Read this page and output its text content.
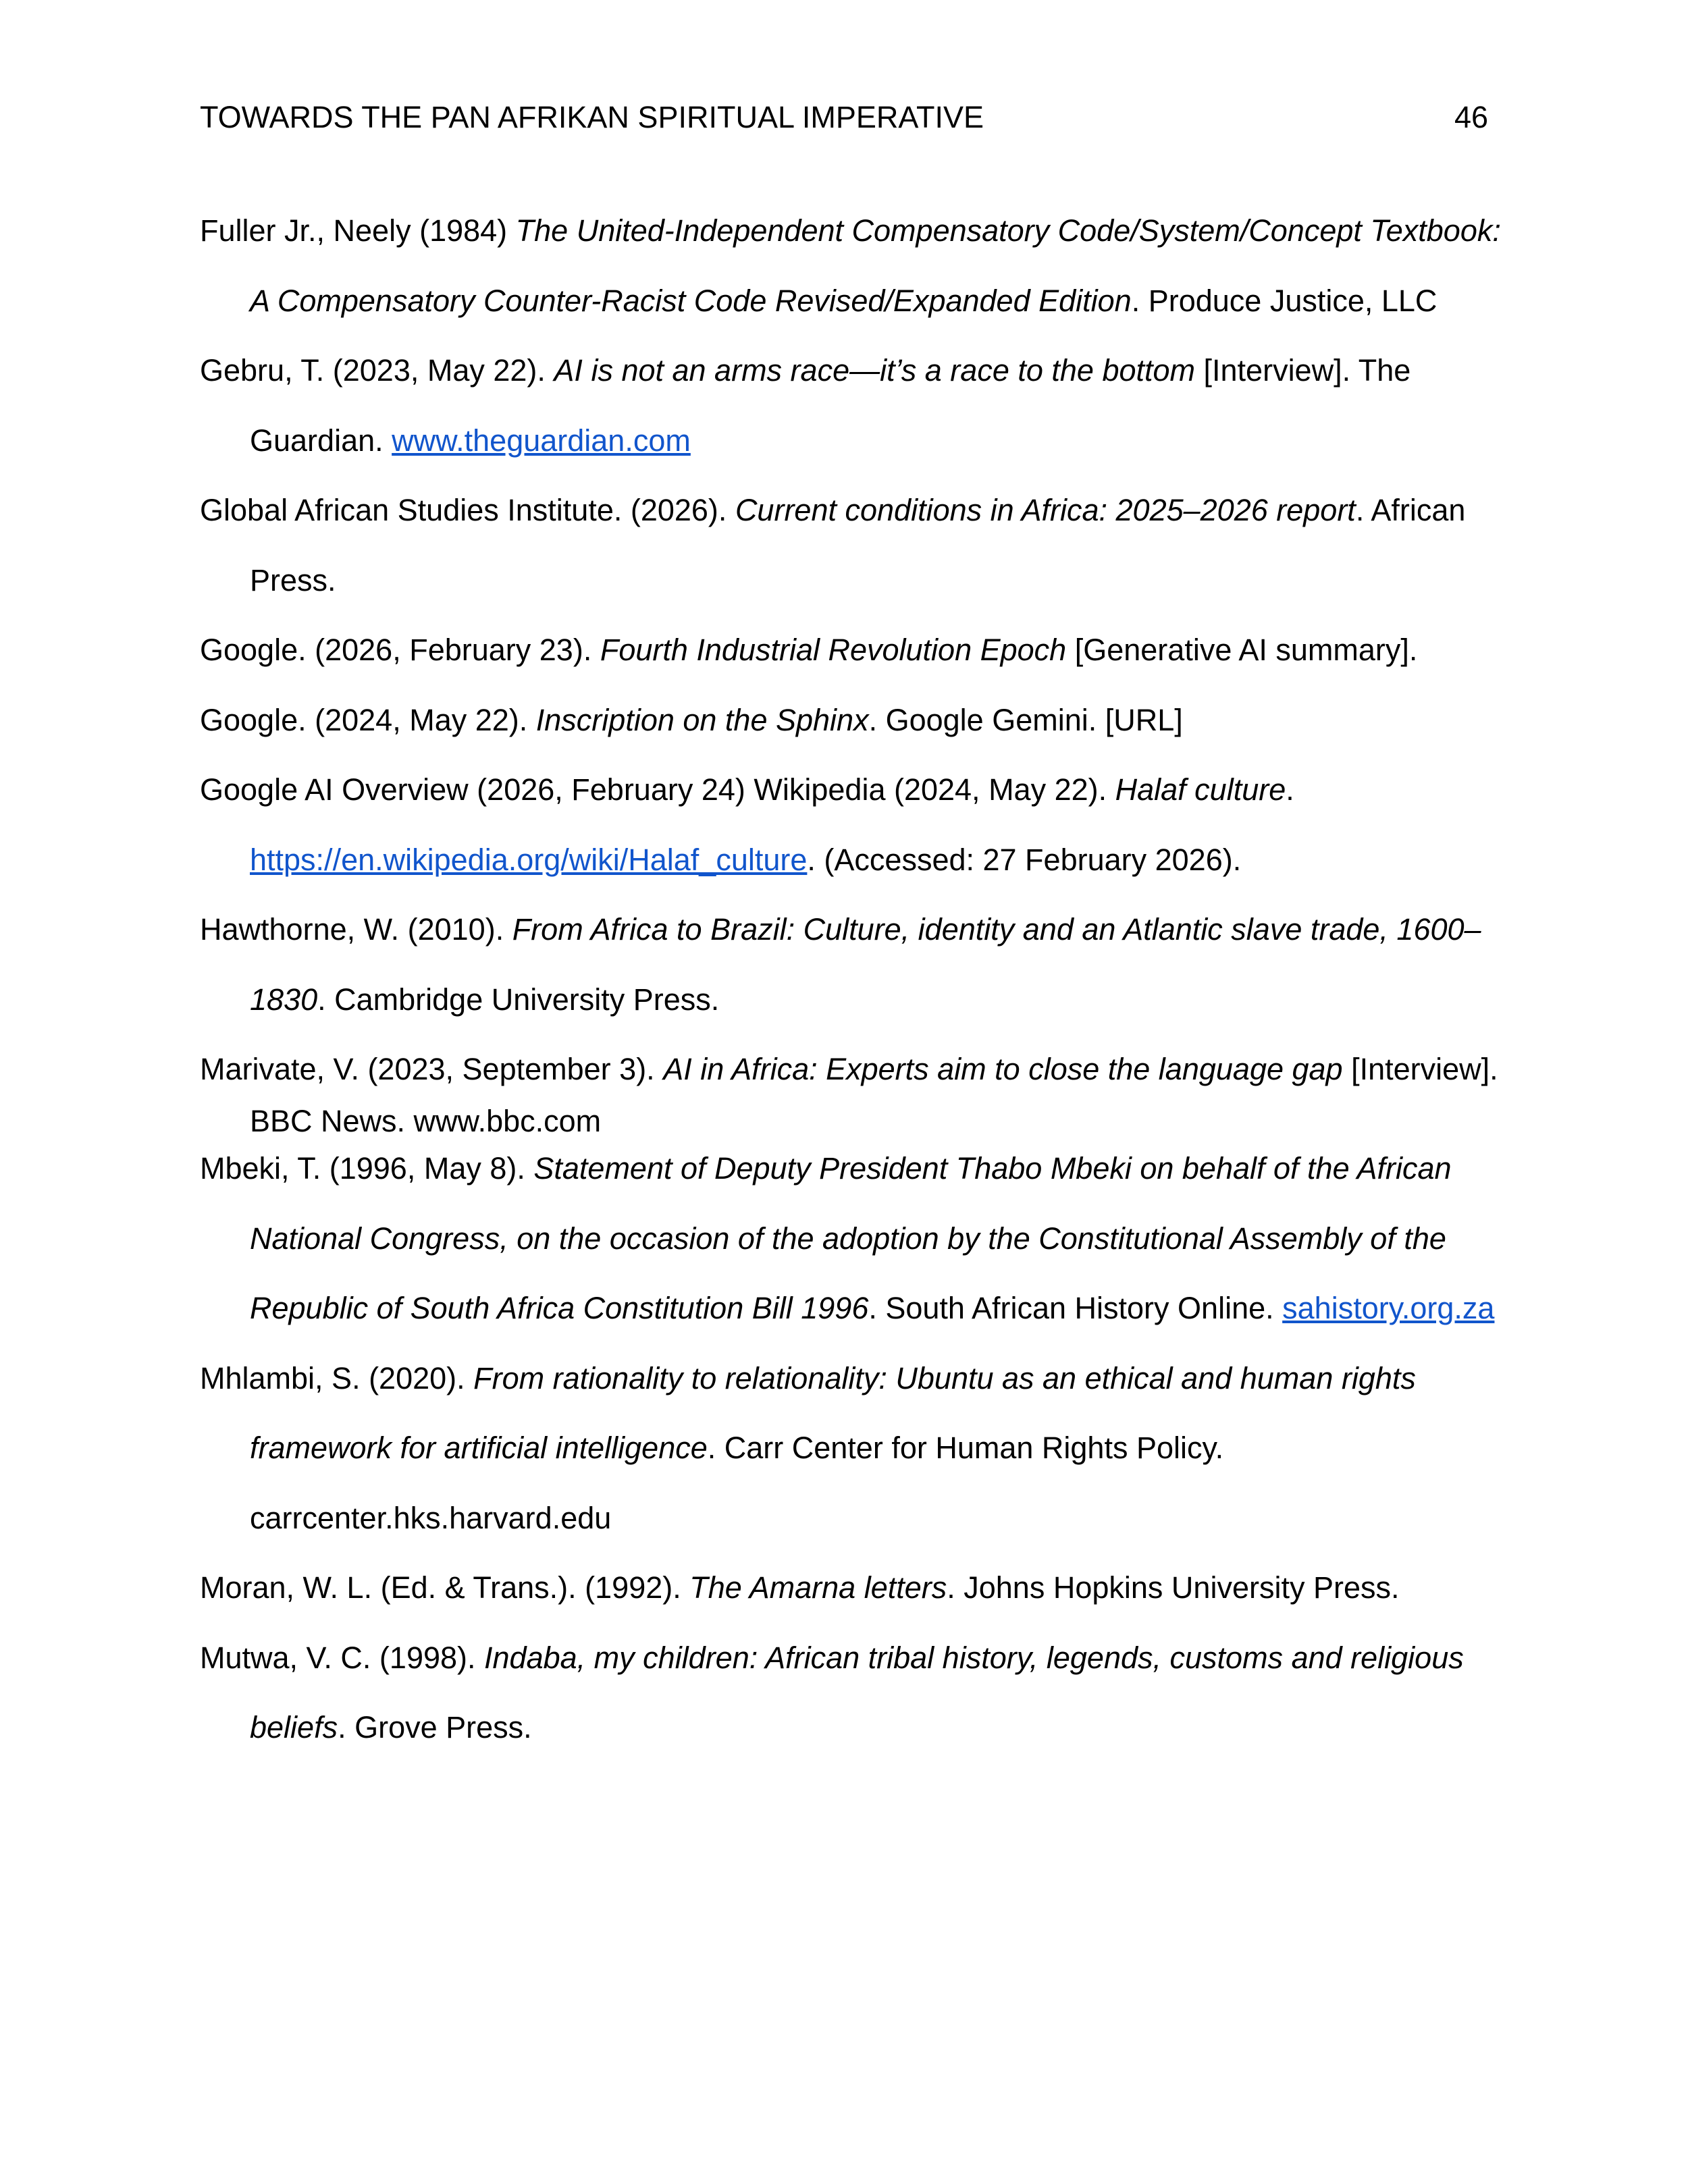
TOWARDS THE PAN AFRIKAN SPIRITUAL IMPERATIVE	46

Fuller Jr., Neely (1984) The United-Independent Compensatory Code/System/Concept Textbook: A Compensatory Counter-Racist Code Revised/Expanded Edition. Produce Justice, LLC

Gebru, T. (2023, May 22). AI is not an arms race—it’s a race to the bottom [Interview]. The Guardian. www.theguardian.com

Global African Studies Institute. (2026). Current conditions in Africa: 2025–2026 report. African Press.

Google. (2026, February 23). Fourth Industrial Revolution Epoch [Generative AI summary].

Google. (2024, May 22). Inscription on the Sphinx. Google Gemini. [URL]

Google AI Overview (2026, February 24) Wikipedia (2024, May 22). Halaf culture. https://en.wikipedia.org/wiki/Halaf_culture. (Accessed: 27 February 2026).

Hawthorne, W. (2010). From Africa to Brazil: Culture, identity and an Atlantic slave trade, 1600–1830. Cambridge University Press.

Marivate, V. (2023, September 3). AI in Africa: Experts aim to close the language gap [Interview]. BBC News. www.bbc.com

Mbeki, T. (1996, May 8). Statement of Deputy President Thabo Mbeki on behalf of the African National Congress, on the occasion of the adoption by the Constitutional Assembly of the Republic of South Africa Constitution Bill 1996. South African History Online. sahistory.org.za

Mhlambi, S. (2020). From rationality to relationality: Ubuntu as an ethical and human rights framework for artificial intelligence. Carr Center for Human Rights Policy. carrcenter.hks.harvard.edu

Moran, W. L. (Ed. & Trans.). (1992). The Amarna letters. Johns Hopkins University Press.

Mutwa, V. C. (1998). Indaba, my children: African tribal history, legends, customs and religious beliefs. Grove Press.
